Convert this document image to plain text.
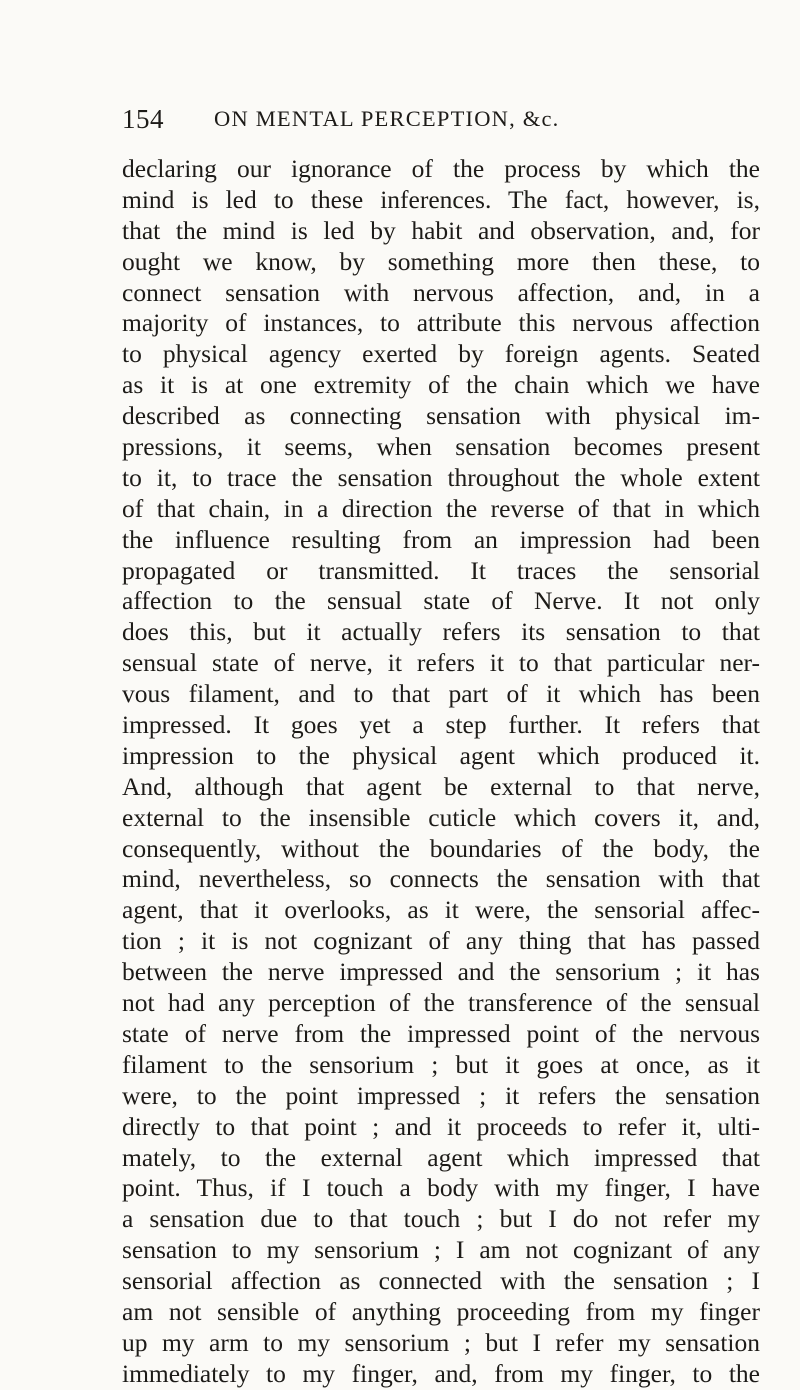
154 ON MENTAL PERCEPTION, &c.
declaring our ignorance of the process by which the
mind is led to these inferences. The fact, however, is,
that the mind is led by habit and observation, and, for
ought we know, by something more then these, to
connect sensation with nervous affection, and, in a
majority of instances, to attribute this nervous affection
to physical agency exerted by foreign agents. Seated
as it is at one extremity of the chain which we have
described as connecting sensation with physical im-
pressions, it seems, when sensation becomes present
to it, to trace the sensation throughout the whole extent
of that chain, in a direction the reverse of that in which
the influence resulting from an impression had been
propagated or transmitted. It traces the sensorial
affection to the sensual state of Nerve. It not only
does this, but it actually refers its sensation to that
sensual state of nerve, it refers it to that particular ner-
vous filament, and to that part of it which has been
impressed. It goes yet a step further. It refers that
impression to the physical agent which produced it.
And, although that agent be external to that nerve,
external to the insensible cuticle which covers it, and,
consequently, without the boundaries of the body, the
mind, nevertheless, so connects the sensation with that
agent, that it overlooks, as it were, the sensorial affec-
tion ; it is not cognizant of any thing that has passed
between the nerve impressed and the sensorium ; it has
not had any perception of the transference of the sensual
state of nerve from the impressed point of the nervous
filament to the sensorium ; but it goes at once, as it
were, to the point impressed ; it refers the sensation
directly to that point ; and it proceeds to refer it, ulti-
mately, to the external agent which impressed that
point. Thus, if I touch a body with my finger, I have
a sensation due to that touch ; but I do not refer my
sensation to my sensorium ; I am not cognizant of any
sensorial affection as connected with the sensation ; I
am not sensible of anything proceeding from my finger
up my arm to my sensorium ; but I refer my sensation
immediately to my finger, and, from my finger, to the
